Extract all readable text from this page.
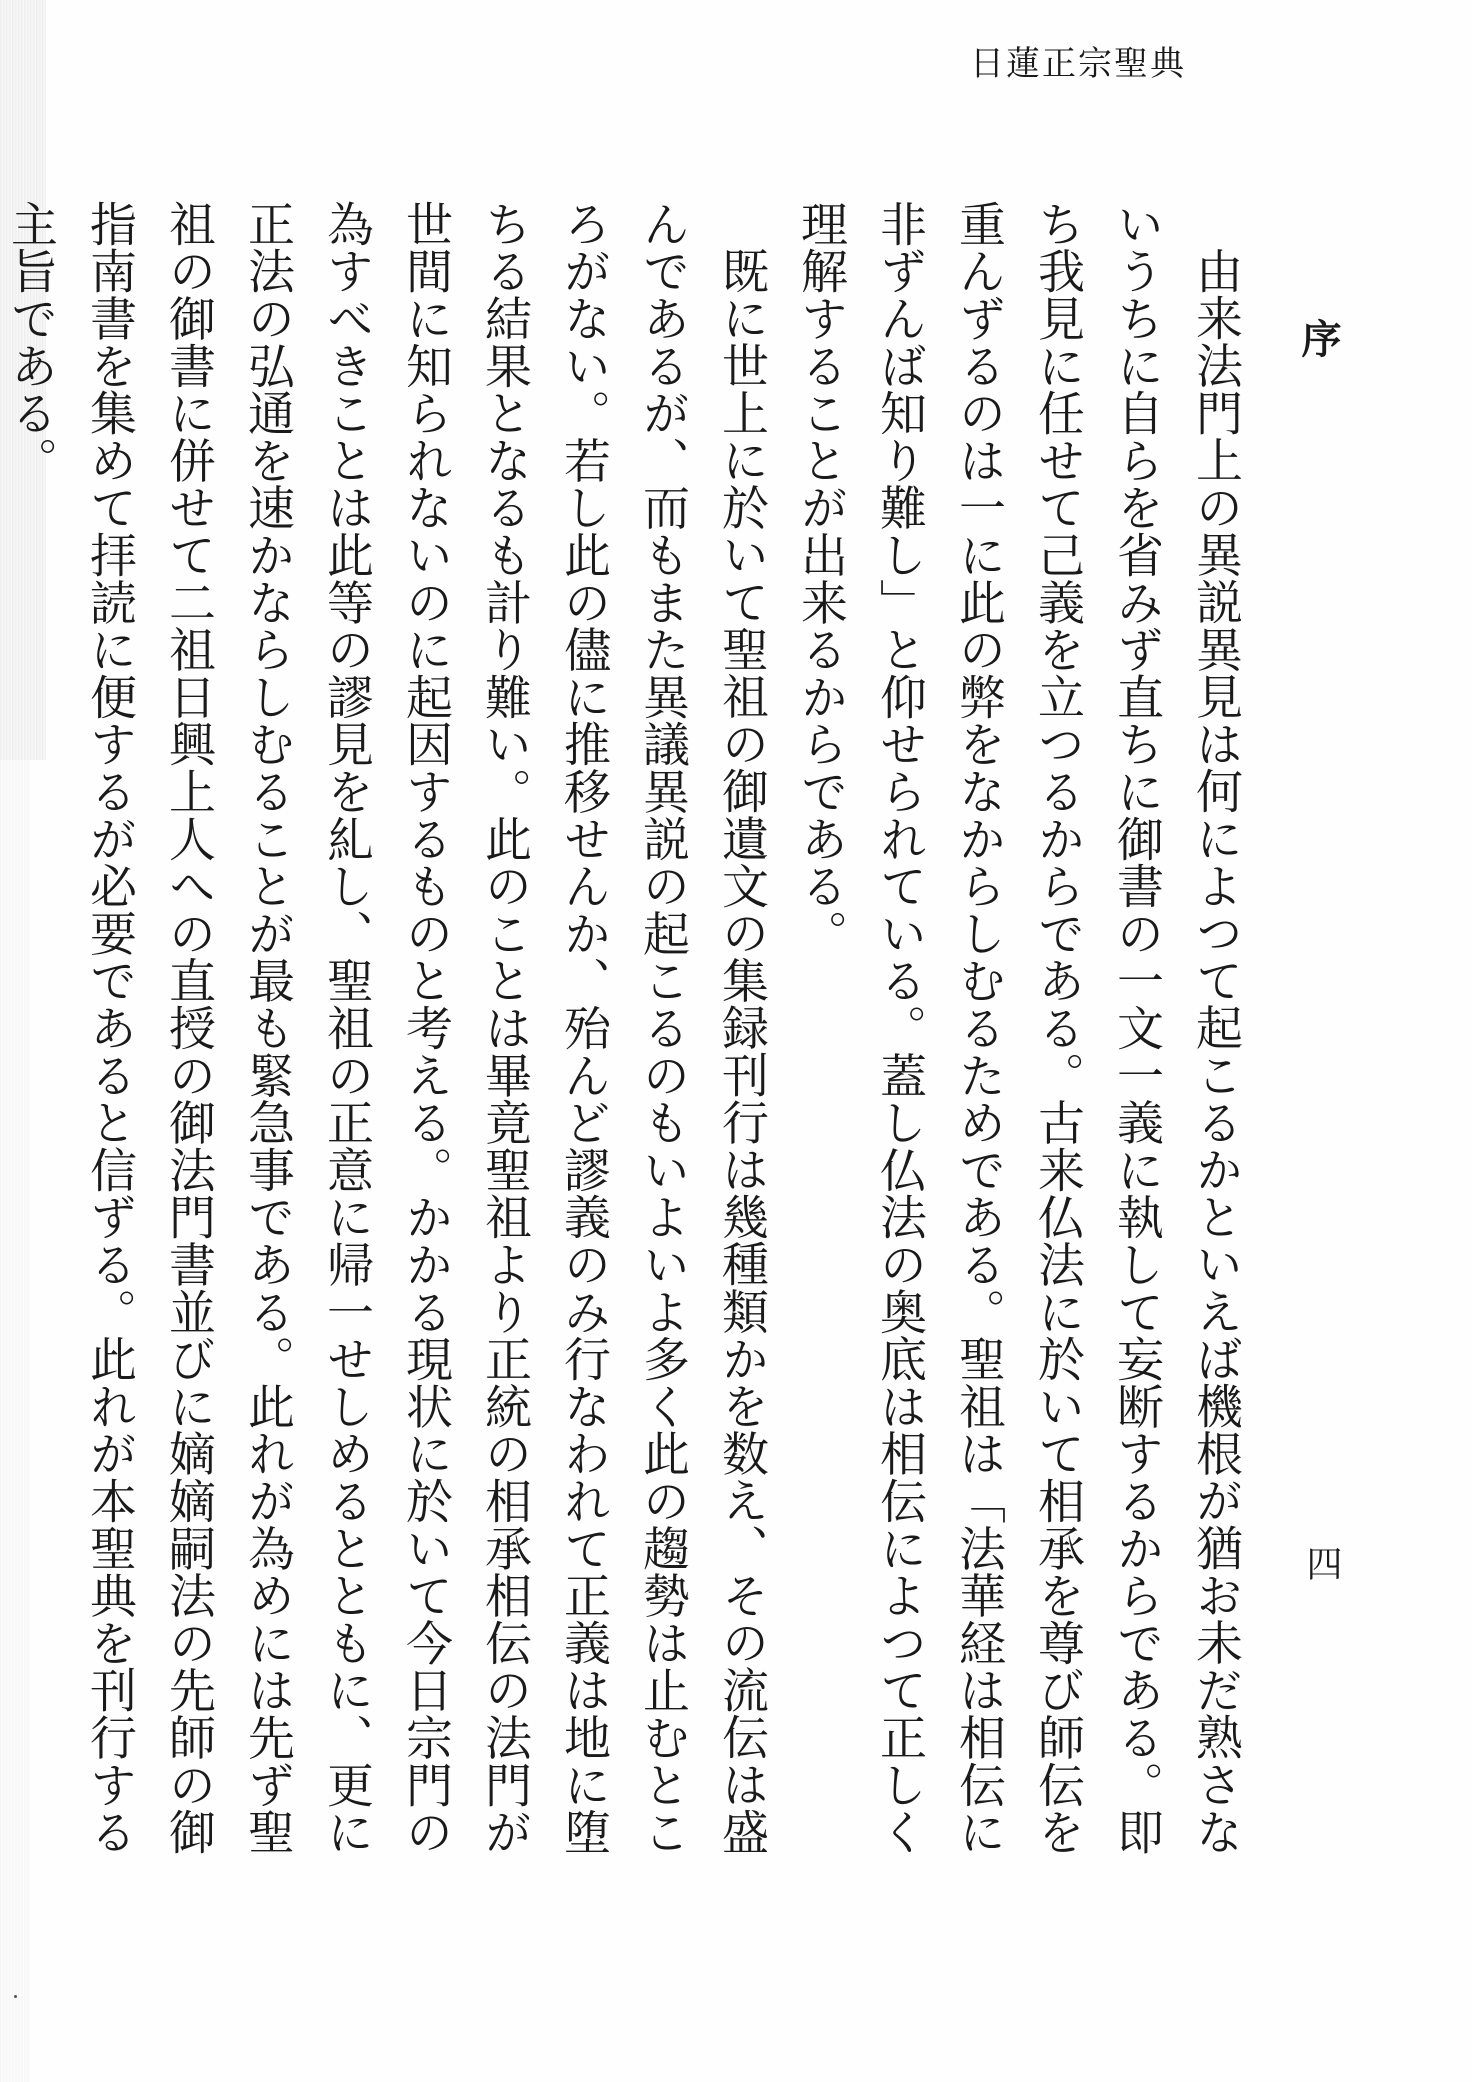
日蓮正宗聖典
序
四

由来法門上の異説異見は何によつて起こるかといえば機根が猶お未だ熟さないうちに自らを省みず直ちに御書の一文一義に執して妄断するからである。即ち我見に任せて己義を立つるからである。古来仏法に於いて相承を尊び師伝を重んずるのは一に此の弊をなからしむるためである。聖祖は「法華経は相伝に非ずんば知り難し」と仰せられている。蓋し仏法の奥底は相伝によつて正しく理解することが出来るからである。

既に世上に於いて聖祖の御遺文の集録刊行は幾種類かを数え、その流伝は盛んであるが、而もまた異議異説の起こるのもいよいよ多く此の趨勢は止むところがない。若し此の儘に推移せんか、殆んど謬義のみ行なわれて正義は地に堕ちる結果となるも計り難い。此のことは畢竟聖祖より正統の相承相伝の法門が世間に知られないのに起因するものと考える。かかる現状に於いて今日宗門の為すべきことは此等の謬見を糺し、聖祖の正意に帰一せしめるとともに、更に正法の弘通を速かならしむることが最も緊急事である。此れが為めには先ず聖祖の御書に併せて二祖日興上人への直授の御法門書並びに嫡嫡嗣法の先師の御指南書を集めて拝読に便するが必要であると信ずる。此れが本聖典を刊行する主旨である。
